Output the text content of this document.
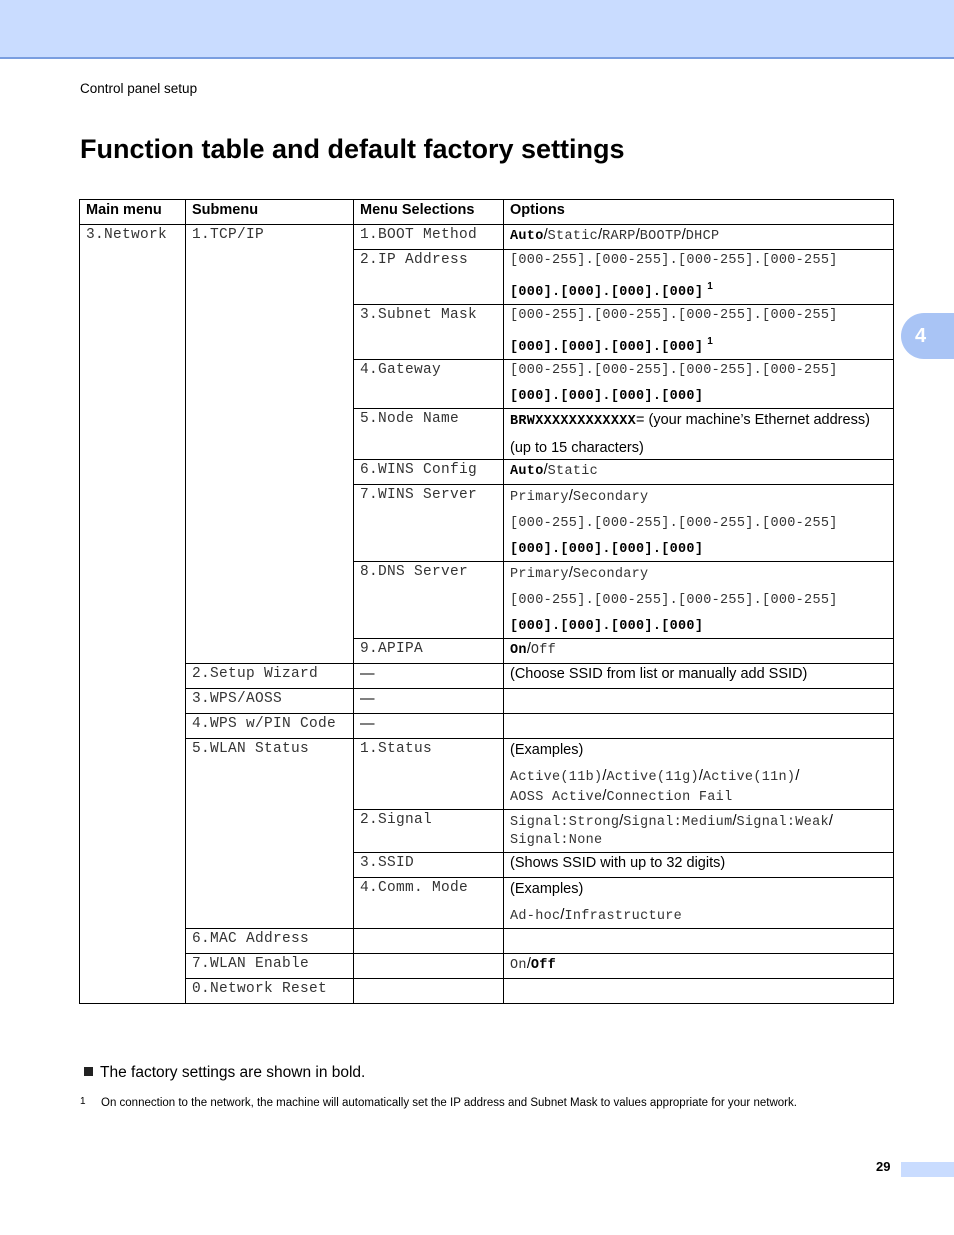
Control panel setup
Function table and default factory settings
4
Main menu	Submenu	Menu Selections	Options
3.Network	1.TCP/IP	1.BOOT Method	Auto/Static/RARP/BOOTP/DHCP
		2.IP Address	[000-255].[000-255].[000-255].[000-255]
[000].[000].[000].[000] $^1$

		3.Subnet Mask	[000-255].[000-255].[000-255].[000-255]
[000].[000].[000].[000] $^1$

		4.Gateway	[000-255].[000-255].[000-255].[000-255]
[000].[000].[000].[000]

		5.Node Name	BRWXXXXXXXXXXXX= (your machine’s Ethernet address)
(up to 15 characters)

		6.WINS Config	Auto/Static
		7.WINS Server	Primary/Secondary
[000-255].[000-255].[000-255].[000-255]
[000].[000].[000].[000]

		8.DNS Server	Primary/Secondary
[000-255].[000-255].[000-255].[000-255]
[000].[000].[000].[000]

		9.APIPA	On/Off
	2.Setup Wizard	—	(Choose SSID from list or manually add SSID)
	3.WPS/AOSS	—	
	4.WPS w/PIN Code	—	
	5.WLAN Status	1.Status	(Examples)
Active(11b)/Active(11g)/Active(11n)/
AOSS Active/Connection Fail

		2.Signal	Signal:Strong/Signal:Medium/Signal:Weak/
Signal:None

		3.SSID	(Shows SSID with up to 32 digits)
		4.Comm. Mode	(Examples)
Ad-hoc/Infrastructure

	6.MAC Address		
	7.WLAN Enable		On/Off
	0.Network Reset		
The factory settings are shown in bold.
1 On connection to the network, the machine will automatically set the IP address and Subnet Mask to values appropriate for your network.
29
